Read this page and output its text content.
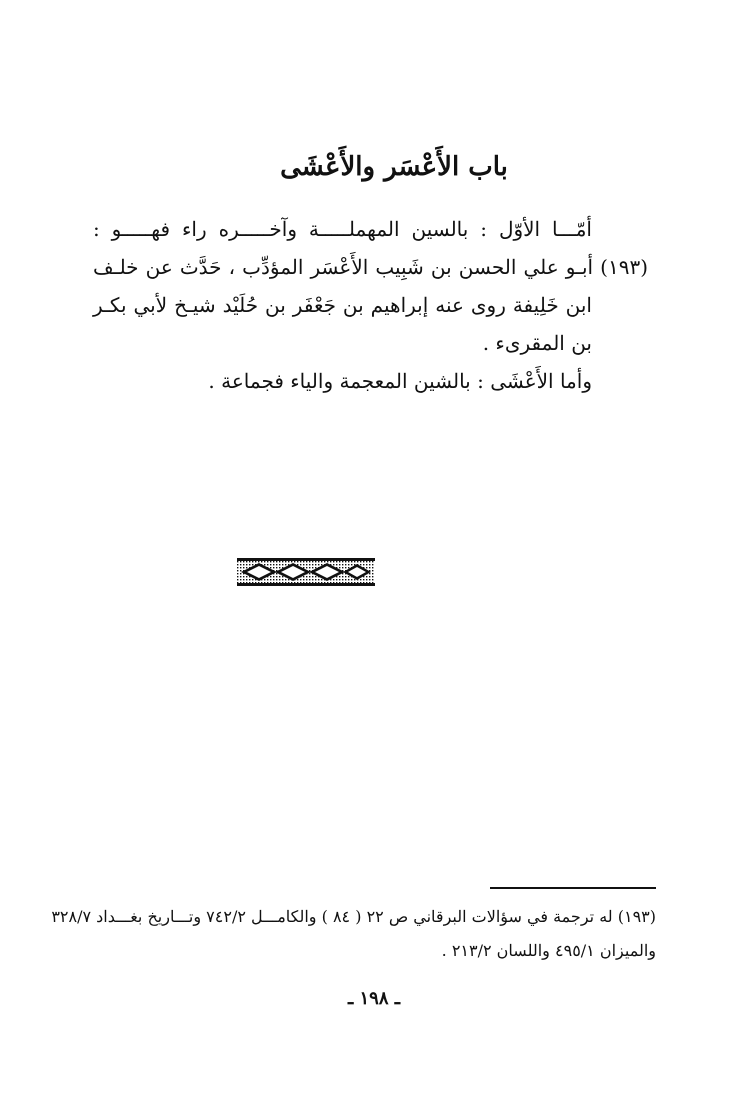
باب الأَعْسَر والأَعْشَى
أمّـــا الأوّل : بالسين المهملـــــة وآخـــــره راء فهـــــو :
(١٩٣) أبـو علي الحسن بن شَبِيب الأَعْسَر المؤدِّب ، حَدَّث عن خلـف
ابن خَلِيفة روى عنه إبراهيم بن جَعْفَر بن حُلَيْد شيـخ لأبي بكـر
بن المقرىء .
وأما الأَعْشَى : بالشين المعجمة والياء فجماعة .
(١٩٣) له ترجمة في سؤالات البرقاني ص ٢٢ ( ٨٤ ) والكامـــل ٧٤٢/٢ وتـــاريخ بغـــداد ٣٢٨/٧
والميزان ٤٩٥/١ واللسان ٢١٣/٢ .
ـ ١٩٨ ـ
